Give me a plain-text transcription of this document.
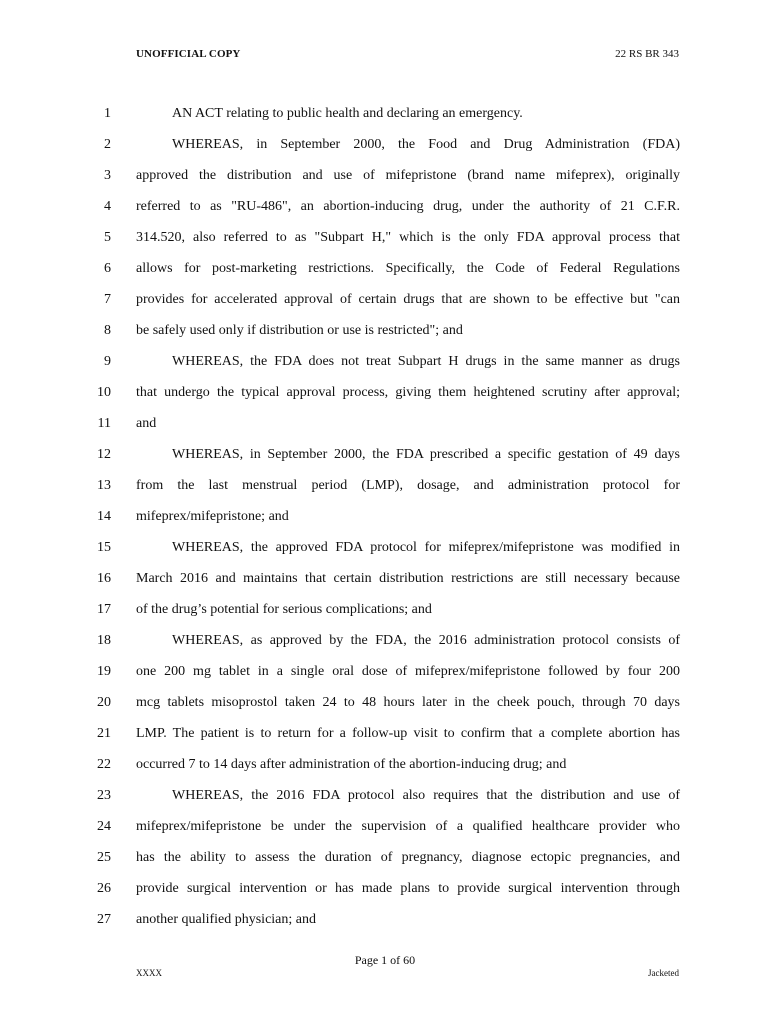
UNOFFICIAL COPY	22 RS BR 343
1	AN ACT relating to public health and declaring an emergency.
2	WHEREAS, in September 2000, the Food and Drug Administration (FDA)
3 approved the distribution and use of mifepristone (brand name mifeprex), originally
4 referred to as "RU-486", an abortion-inducing drug, under the authority of 21 C.F.R.
5 314.520, also referred to as "Subpart H," which is the only FDA approval process that
6 allows for post-marketing restrictions. Specifically, the Code of Federal Regulations
7 provides for accelerated approval of certain drugs that are shown to be effective but "can
8 be safely used only if distribution or use is restricted"; and
9	WHEREAS, the FDA does not treat Subpart H drugs in the same manner as drugs
10 that undergo the typical approval process, giving them heightened scrutiny after approval;
11 and
12	WHEREAS, in September 2000, the FDA prescribed a specific gestation of 49 days
13 from the last menstrual period (LMP), dosage, and administration protocol for
14 mifeprex/mifepristone; and
15	WHEREAS, the approved FDA protocol for mifeprex/mifepristone was modified in
16 March 2016 and maintains that certain distribution restrictions are still necessary because
17 of the drug’s potential for serious complications; and
18	WHEREAS, as approved by the FDA, the 2016 administration protocol consists of
19 one 200 mg tablet in a single oral dose of mifeprex/mifepristone followed by four 200
20 mcg tablets misoprostol taken 24 to 48 hours later in the cheek pouch, through 70 days
21 LMP. The patient is to return for a follow-up visit to confirm that a complete abortion has
22 occurred 7 to 14 days after administration of the abortion-inducing drug; and
23	WHEREAS, the 2016 FDA protocol also requires that the distribution and use of
24 mifeprex/mifepristone be under the supervision of a qualified healthcare provider who
25 has the ability to assess the duration of pregnancy, diagnose ectopic pregnancies, and
26 provide surgical intervention or has made plans to provide surgical intervention through
27 another qualified physician; and
Page 1 of 60
XXXX	Jacketed
